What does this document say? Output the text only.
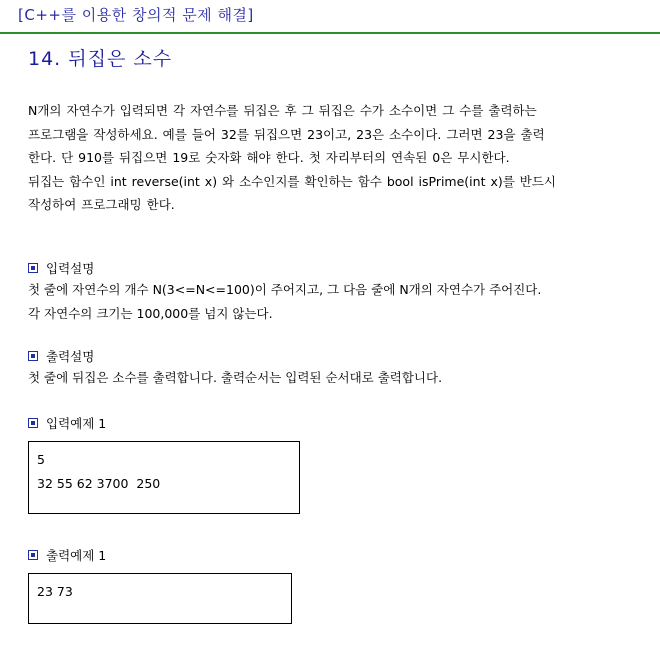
[C++를 이용한 창의적 문제 해결]
14. 뒤집은 소수
N개의 자연수가 입력되면 각 자연수를 뒤집은 후 그 뒤집은 수가 소수이면 그 수를 출력하는
프로그램을 작성하세요. 예를 들어 32를 뒤집으면 23이고, 23은 소수이다. 그러면 23을 출력
한다. 단 910를 뒤집으면 19로 숫자화 해야 한다. 첫 자리부터의 연속된 0은 무시한다.
뒤집는 함수인 int reverse(int x) 와 소수인지를 확인하는 함수 bool isPrime(int x)를 반드시
작성하여 프로그래밍 한다.
입력설명
첫 줄에 자연수의 개수 N(3<=N<=100)이 주어지고, 그 다음 줄에 N개의 자연수가 주어진다.
각 자연수의 크기는 100,000를 넘지 않는다.
출력설명
첫 줄에 뒤집은 소수를 출력합니다. 출력순서는 입력된 순서대로 출력합니다.
입력예제 1
5
32 55 62 3700  250
출력예제 1
23 73
